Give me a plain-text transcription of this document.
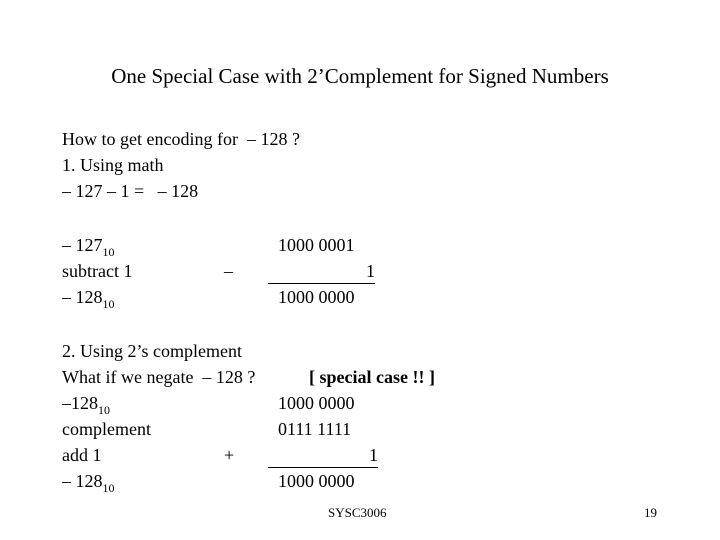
One Special Case with 2’Complement for Signed Numbers
How to get encoding for  – 128 ?
1. Using math
– 127 – 1 =   – 128
– $127_{10}$	1000 0001
subtract 1	–	1
– $128_{10}$	1000 0000
2. Using 2’s complement
What if we negate  – 128 ?	[ special case !! ]
$-128_{10}$	1000 0000
complement	0111 1111
add 1	+	1
– $128_{10}$	1000 0000
SYSC3006	19
